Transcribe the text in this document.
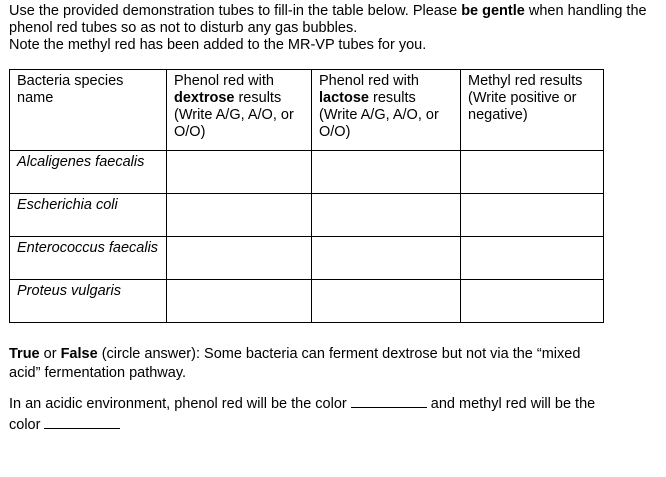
Use the provided demonstration tubes to fill-in the table below. Please be gentle when handling the phenol red tubes so as not to disturb any gas bubbles.

Note the methyl red has been added to the MR-VP tubes for you.

Bacteria species name	Phenol red with dextrose results (Write A/G, A/O, or O/O)	Phenol red with lactose results (Write A/G, A/O, or O/O)	Methyl red results (Write positive or negative)
Alcaligenes faecalis			
Escherichia coli			
Enterococcus faecalis			
Proteus vulgaris			

True or False (circle answer): Some bacteria can ferment dextrose but not via the “mixed acid” fermentation pathway.

In an acidic environment, phenol red will be the color	and methyl red will be the color
